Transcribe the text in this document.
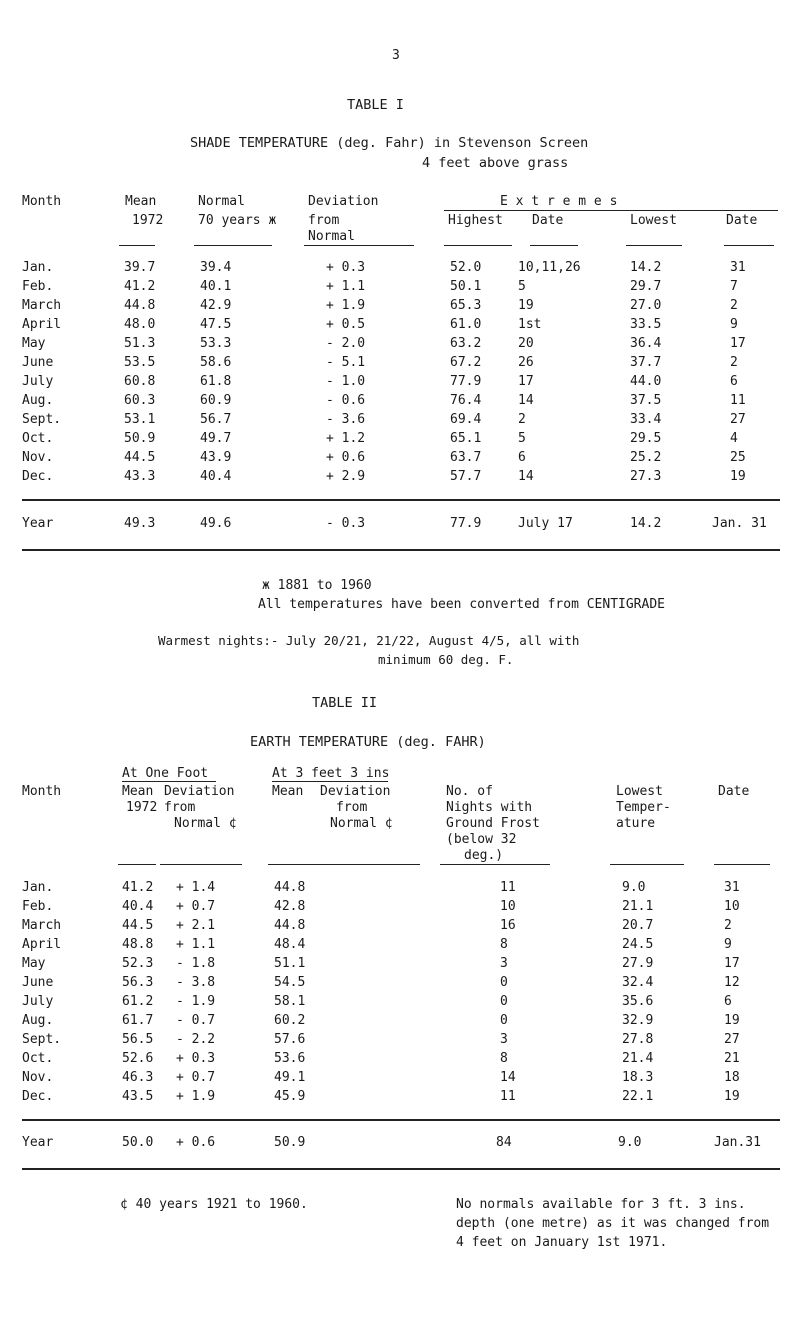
3
TABLE I
SHADE TEMPERATURE (deg. Fahr) in Stevenson Screen
4 feet above grass
Month	Mean
1972
Normal
70 years ж
Deviation
from
Normal
E x t r e m e s
Highest Date	Lowest	Date
Jan.	39.7	39.4	+ 0.3	52.0	10,11,26	14.2	31
Feb.	41.2	40.1	+ 1.1	50.1	5	29.7	7
March	44.8	42.9	+ 1.9	65.3	19	27.0	2
April	48.0	47.5	+ 0.5	61.0	1st	33.5	9
May	51.3	53.3	- 2.0	63.2	20	36.4	17
June	53.5	58.6	- 5.1	67.2	26	37.7	2
July	60.8	61.8	- 1.0	77.9	17	44.0	6
Aug.	60.3	60.9	- 0.6	76.4	14	37.5	11
Sept.	53.1	56.7	- 3.6	69.4	2	33.4	27
Oct.	50.9	49.7	+ 1.2	65.1	5	29.5	4
Nov.	44.5	43.9	+ 0.6	63.7	6	25.2	25
Dec.	43.3	40.4	+ 2.9	57.7	14	27.3	19
Year	49.3	49.6	- 0.3	77.9	July 17	14.2	Jan. 31
ж 1881 to 1960
All temperatures have been converted from CENTIGRADE
Warmest nights:- July 20/21, 21/22, August 4/5, all with
minimum 60 deg. F.
TABLE II
EARTH TEMPERATURE (deg. FAHR)
At One Foot	At 3 feet 3 ins
Month	Mean
1972
Deviation
from
Normal ¢
Mean Deviation
from
Normal ¢
No. of
Nights with
Ground Frost
(below 32
deg.)
Lowest
Temper-
ature
Date
Jan.	41.2 + 1.4	44.8	11	9.0	31
Feb.	40.4 + 0.7	42.8	10	21.1	10
March	44.5 + 2.1	44.8	16	20.7	2
April	48.8 + 1.1	48.4	8	24.5	9
May	52.3 - 1.8	51.1	3	27.9	17
June	56.3 - 3.8	54.5	0	32.4	12
July	61.2 - 1.9	58.1	0	35.6	6
Aug.	61.7 - 0.7	60.2	0	32.9	19
Sept.	56.5 - 2.2	57.6	3	27.8	27
Oct.	52.6 + 0.3	53.6	8	21.4	21
Nov.	46.3 + 0.7	49.1	14	18.3	18
Dec.	43.5 + 1.9	45.9	11	22.1	19
Year	50.0 + 0.6	50.9	84	9.0	Jan.31
¢ 40 years 1921 to 1960.	No normals available for 3 ft. 3 ins.
depth (one metre) as it was changed from
4 feet on January 1st 1971.
